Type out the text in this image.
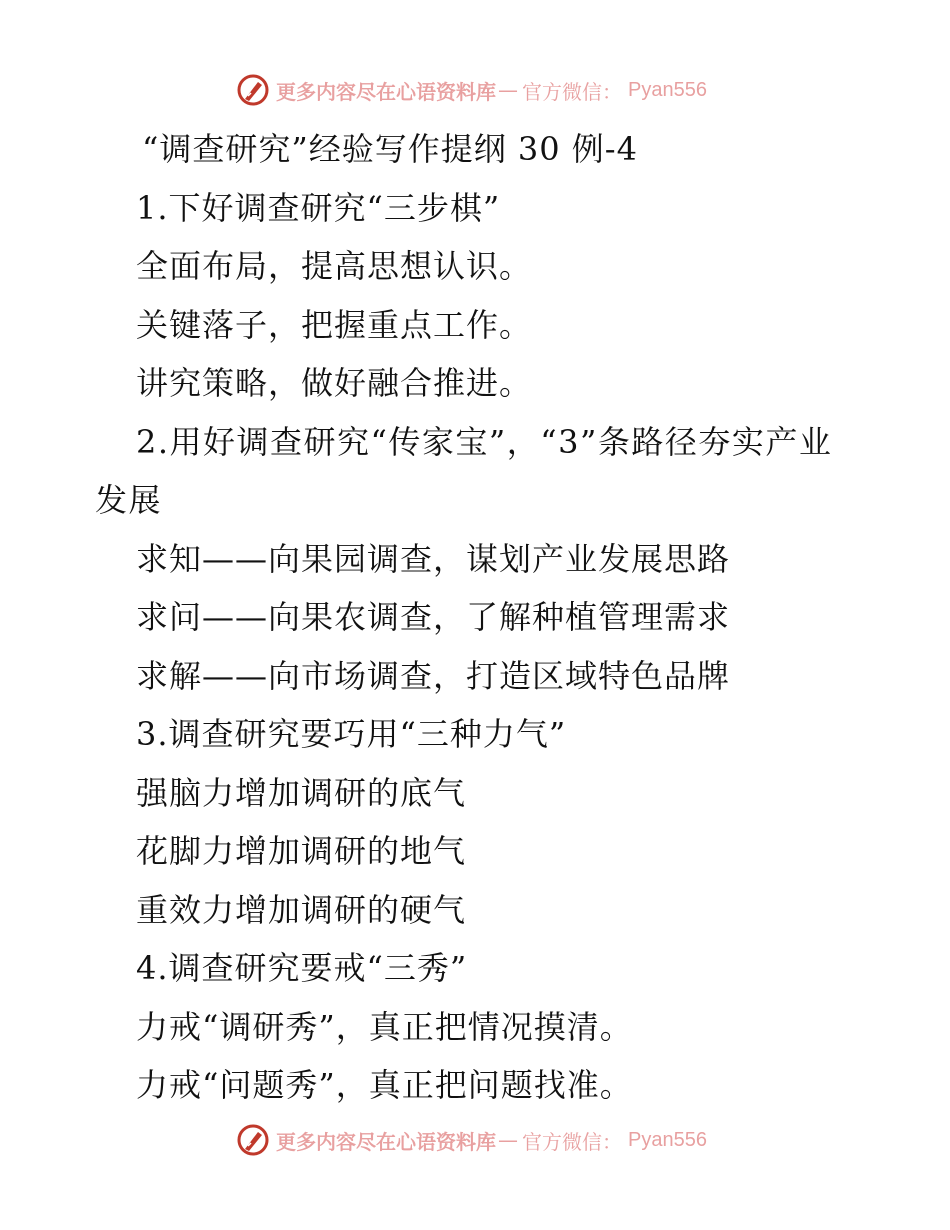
更多内容尽在心语资料库 — 官方微信： Pyan556
“调查研究”经验写作提纲 30 例-4
1.下好调查研究“三步棋”
全面布局，提高思想认识。
关键落子，把握重点工作。
讲究策略，做好融合推进。
2.用好调查研究“传家宝”，“3”条路径夯实产业发展
求知——向果园调查，谋划产业发展思路
求问——向果农调查，了解种植管理需求
求解——向市场调查，打造区域特色品牌
3.调查研究要巧用“三种力气”
强脑力增加调研的底气
花脚力增加调研的地气
重效力增加调研的硬气
4.调查研究要戒“三秀”
力戒“调研秀”，真正把情况摸清。
力戒“问题秀”，真正把问题找准。
更多内容尽在心语资料库 — 官方微信： Pyan556
